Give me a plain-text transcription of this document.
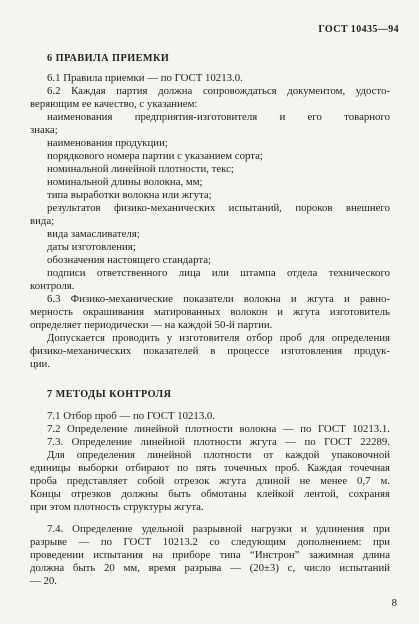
ГОСТ 10435—94
6 ПРАВИЛА ПРИЕМКИ
6.1 Правила приемки — по ГОСТ 10213.0.
6.2 Каждая партия должна сопровождаться документом, удосто-
веряющим ее качество, с указанием:
наименования предприятия-изготовителя и его товарного
знака;
наименования продукции;
порядкового номера партии с указанием сорта;
номинальной линейной плотности, текс;
номинальной длины волокна, мм;
типа выработки волокна или жгута;
результатов физико-механических испытаний, пороков внешнего
вида;
вида замасливателя;
даты изготовления;
обозначения настоящего стандарта;
подписи ответственного лица или штампа отдела технического
контроля.
6.3 Физико-механические показатели волокна и жгута и равно-
мерность окрашивания матированных волокон и жгута изготовитель
определяет периодически — на каждой 50-й партии.
Допускается проводить у изготовителя отбор проб для определения
физико-механических показателей в процессе изготовления продук-
ции.
7 МЕТОДЫ КОНТРОЛЯ
7.1 Отбор проб — по ГОСТ 10213.0.
7.2 Определение линейной плотности волокна — по ГОСТ 10213.1.
7.3. Определение линейной плотности жгута — по ГОСТ 22289.
Для определения линейной плотности от каждой упаковочной
единицы выборки отбирают по пять точечных проб. Каждая точечная
проба представляет собой отрезок жгута длиной не менее 0,7 м.
Концы отрезков должны быть обмотаны клейкой лентой, сохраняя
при этом плотность структуры жгута.
7.4. Определение удельной разрывной нагрузки и удлинения при
разрыве — по ГОСТ 10213.2 со следующим дополнением: при
проведении испытания на приборе типа “Инстрон” зажимная длина
должна быть 20 мм, время разрыва — (20±3) с, число испытаний
— 20.
8
